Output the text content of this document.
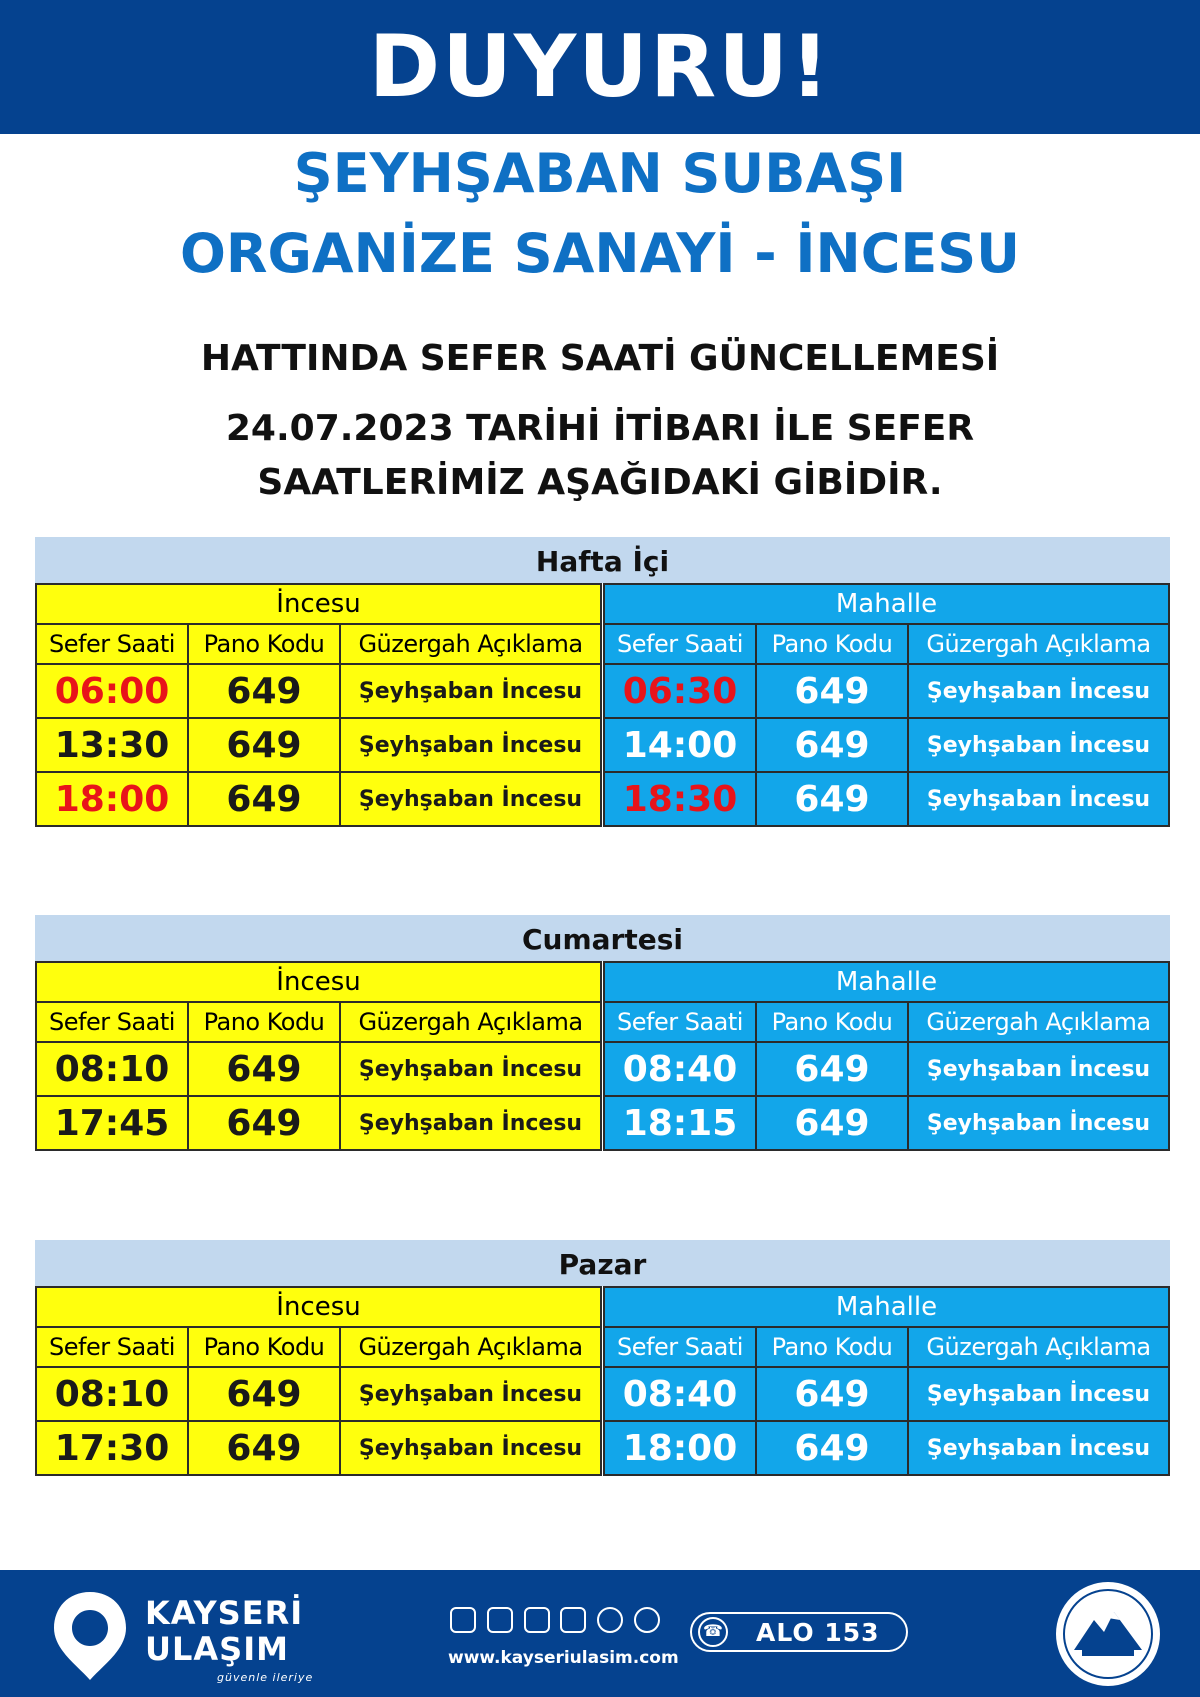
DUYURU!
ŞEYHŞABAN SUBAŞI
ORGANİZE SANAYİ - İNCESU
HATTINDA SEFER SAATİ GÜNCELLEMESİ
24.07.2023 TARİHİ İTİBARI İLE SEFER
SAATLERİMİZ AŞAĞIDAKİ GİBİDİR.
Hafta İçi
İncesu		
Sefer Saati	Pano Kodu	Güzergah Açıklama
06:00	649	Şeyhşaban İncesu
13:30	649	Şeyhşaban İncesu
18:00	649	Şeyhşaban İncesu
Mahalle		
Sefer Saati	Pano Kodu	Güzergah Açıklama
06:30	649	Şeyhşaban İncesu
14:00	649	Şeyhşaban İncesu
18:30	649	Şeyhşaban İncesu
Cumartesi
İncesu		
Sefer Saati	Pano Kodu	Güzergah Açıklama
08:10	649	Şeyhşaban İncesu
17:45	649	Şeyhşaban İncesu
Mahalle		
Sefer Saati	Pano Kodu	Güzergah Açıklama
08:40	649	Şeyhşaban İncesu
18:15	649	Şeyhşaban İncesu
Pazar
İncesu		
Sefer Saati	Pano Kodu	Güzergah Açıklama
08:10	649	Şeyhşaban İncesu
17:30	649	Şeyhşaban İncesu
Mahalle		
Sefer Saati	Pano Kodu	Güzergah Açıklama
08:40	649	Şeyhşaban İncesu
18:00	649	Şeyhşaban İncesu
KAYSERİ
ULAŞIM
güvenle ileriye
www.kayseriulasim.com
☎ ALO 153
